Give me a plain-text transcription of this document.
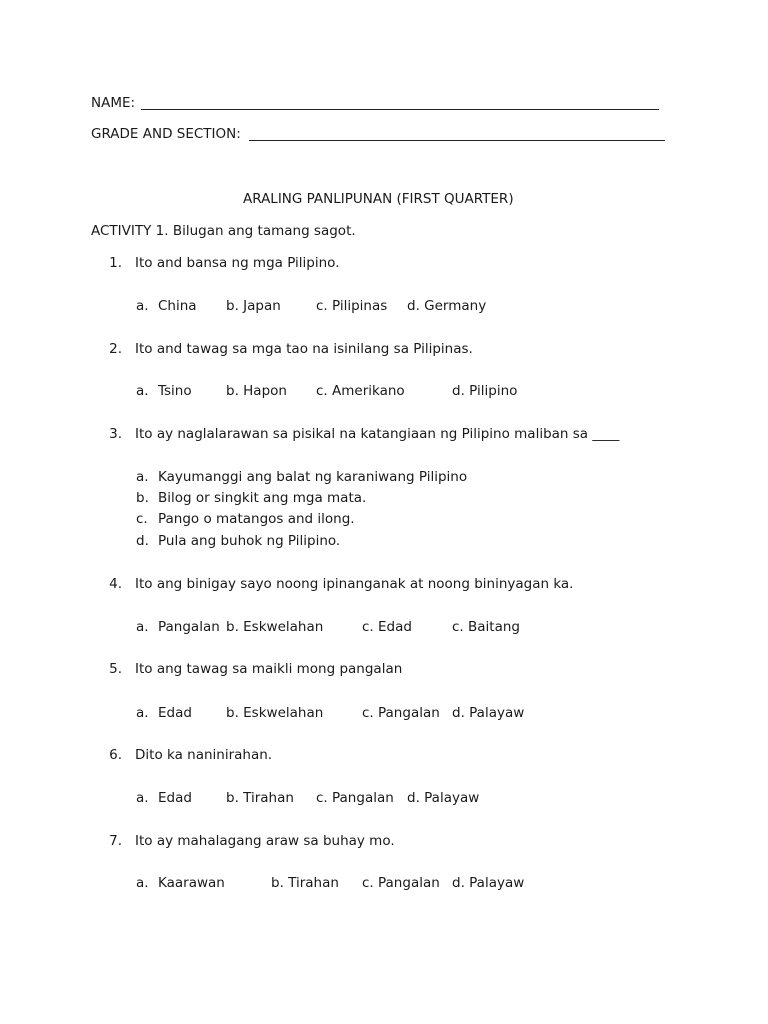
NAME:
GRADE AND SECTION:
ARALING PANLIPUNAN (FIRST QUARTER)
ACTIVITY 1. Bilugan ang tamang sagot.
1. Ito and bansa ng mga Pilipino.
a. China b. Japan	c. Pilipinas d. Germany
2. Ito and tawag sa mga tao na isinilang sa Pilipinas.
a. Tsino	b. Hapon c. Amerikano	d. Pilipino
3. Ito ay naglalarawan sa pisikal na katangiaan ng Pilipino maliban sa ____
a. Kayumanggi ang balat ng karaniwang Pilipino
b. Bilog or singkit ang mga mata.
c. Pango o matangos and ilong.
d. Pula ang buhok ng Pilipino.
4. Ito ang binigay sayo noong ipinanganak at noong bininyagan ka.
a. Pangalan b. Eskwelahan	c. Edad	c. Baitang
5. Ito ang tawag sa maikli mong pangalan
a. Edad	b. Eskwelahan	c. Pangalan d. Palayaw
6. Dito ka naninirahan.
a. Edad	b. Tirahan c. Pangalan d. Palayaw
7. Ito ay mahalagang araw sa buhay mo.
a. Kaarawan	b. Tirahan c. Pangalan d. Palayaw
